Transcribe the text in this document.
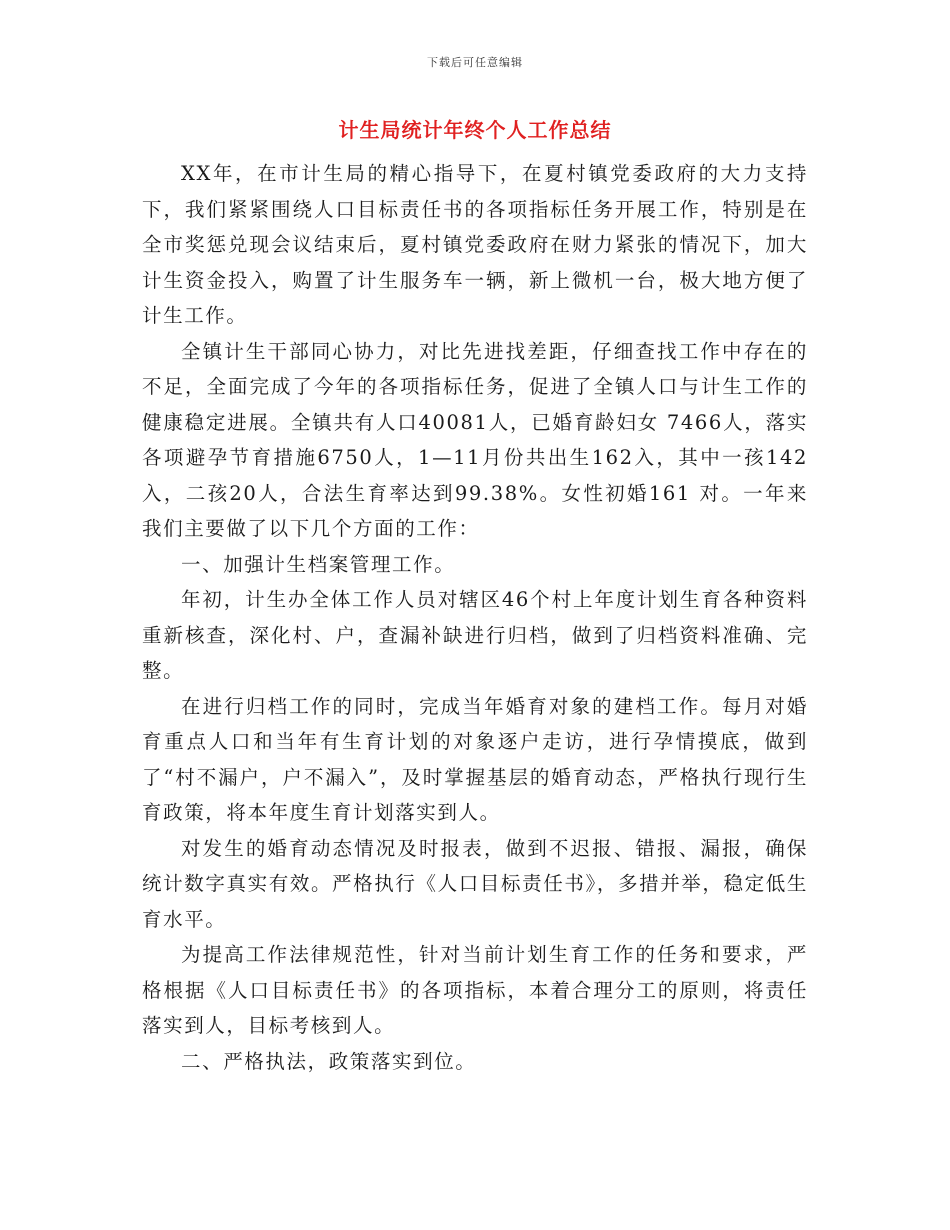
下载后可任意编辑
计生局统计年终个人工作总结

XX年，在市计生局的精心指导下，在夏村镇党委政府的大力支持下，我们紧紧围绕人口目标责任书的各项指标任务开展工作，特别是在全市奖惩兑现会议结束后，夏村镇党委政府在财力紧张的情况下，加大计生资金投入，购置了计生服务车一辆，新上微机一台，极大地方便了计生工作。

全镇计生干部同心协力，对比先进找差距，仔细查找工作中存在的不足，全面完成了今年的各项指标任务，促进了全镇人口与计生工作的健康稳定进展。全镇共有人口40081人，已婚育龄妇女 7466人，落实各项避孕节育措施6750人，1—11月份共出生162入，其中一孩142入，二孩20人，合法生育率达到99.38%。女性初婚161 对。一年来我们主要做了以下几个方面的工作：

一、加强计生档案管理工作。

年初，计生办全体工作人员对辖区46个村上年度计划生育各种资料重新核查，深化村、户，查漏补缺进行归档，做到了归档资料准确、完整。

在进行归档工作的同时，完成当年婚育对象的建档工作。每月对婚育重点人口和当年有生育计划的对象逐户走访，进行孕情摸底，做到了“村不漏户，户不漏入”，及时掌握基层的婚育动态，严格执行现行生育政策，将本年度生育计划落实到人。

对发生的婚育动态情况及时报表，做到不迟报、错报、漏报，确保统计数字真实有效。严格执行《人口目标责任书》，多措并举，稳定低生育水平。

为提高工作法律规范性，针对当前计划生育工作的任务和要求，严格根据《人口目标责任书》的各项指标，本着合理分工的原则，将责任落实到人，目标考核到人。

二、严格执法，政策落实到位。
